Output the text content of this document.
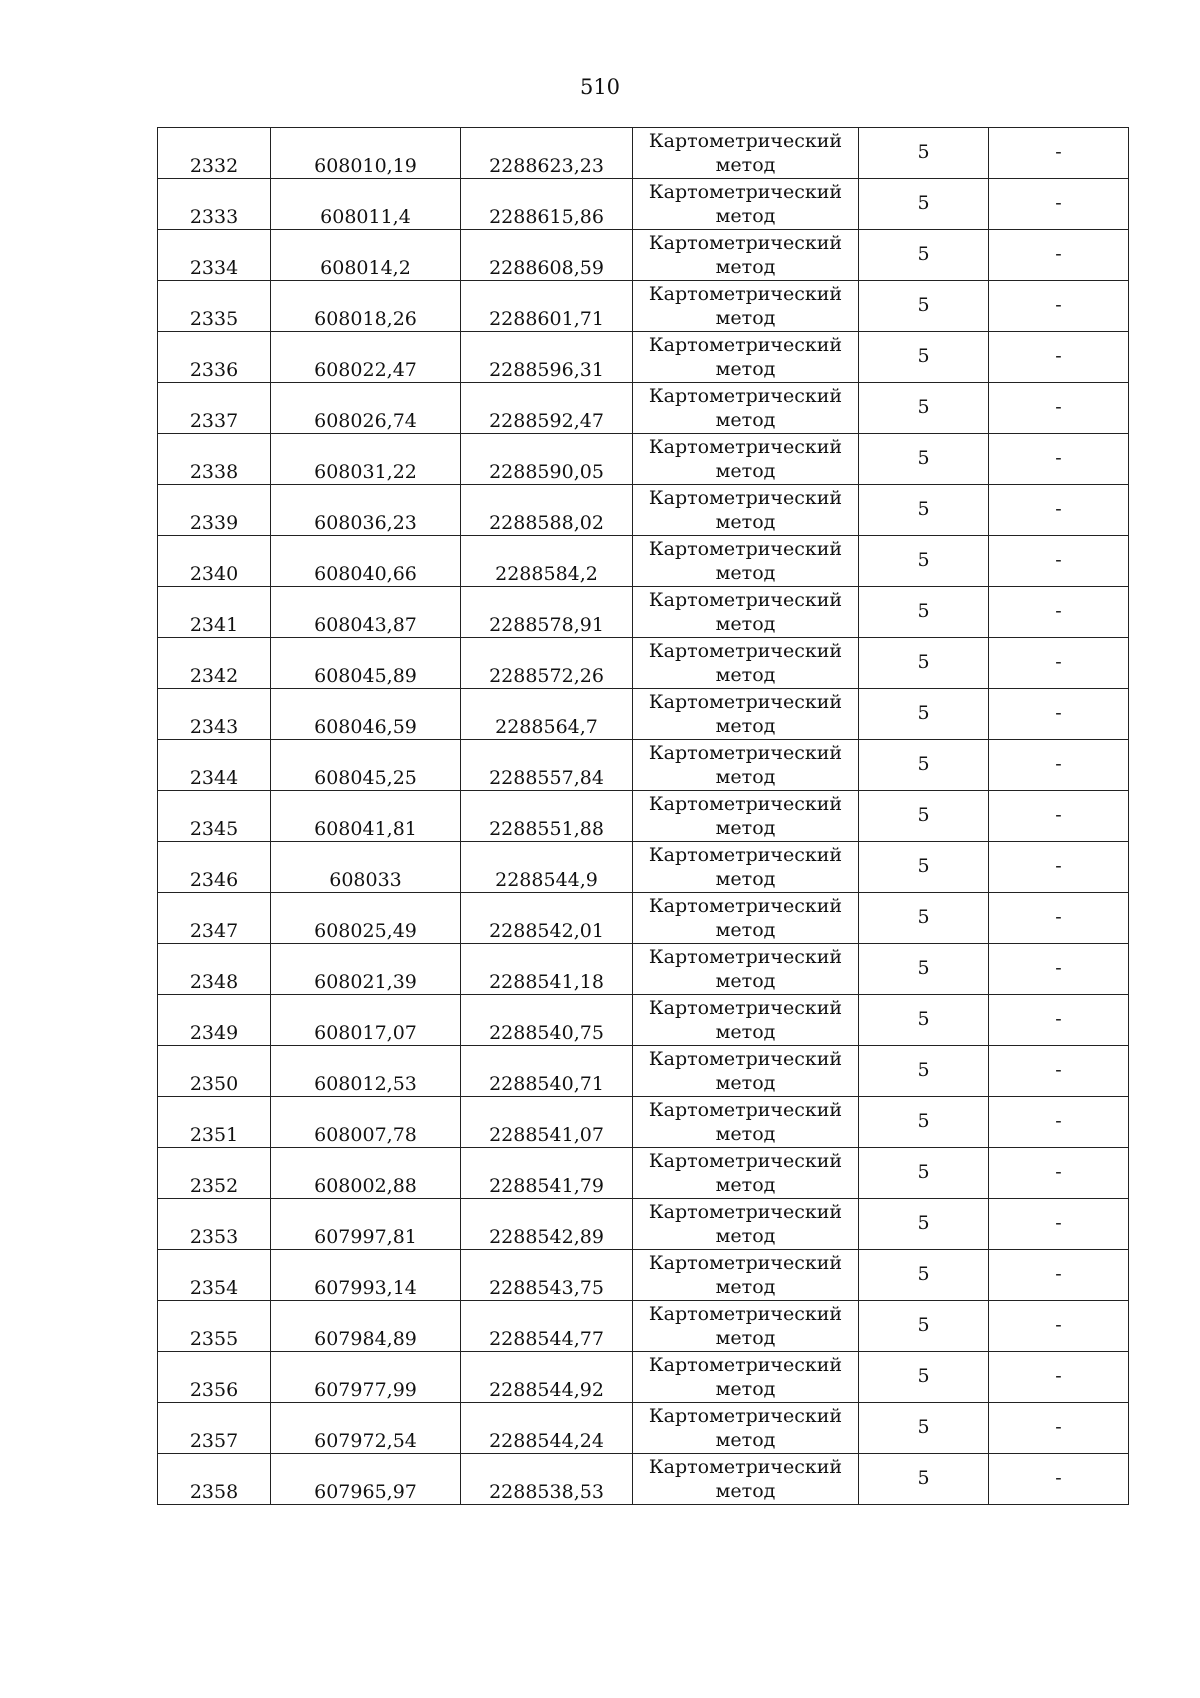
510
2332	608010,19	2288623,23	Картометрический
метод	5	-
2333	608011,4	2288615,86	Картометрический
метод	5	-
2334	608014,2	2288608,59	Картометрический
метод	5	-
2335	608018,26	2288601,71	Картометрический
метод	5	-
2336	608022,47	2288596,31	Картометрический
метод	5	-
2337	608026,74	2288592,47	Картометрический
метод	5	-
2338	608031,22	2288590,05	Картометрический
метод	5	-
2339	608036,23	2288588,02	Картометрический
метод	5	-
2340	608040,66	2288584,2	Картометрический
метод	5	-
2341	608043,87	2288578,91	Картометрический
метод	5	-
2342	608045,89	2288572,26	Картометрический
метод	5	-
2343	608046,59	2288564,7	Картометрический
метод	5	-
2344	608045,25	2288557,84	Картометрический
метод	5	-
2345	608041,81	2288551,88	Картометрический
метод	5	-
2346	608033	2288544,9	Картометрический
метод	5	-
2347	608025,49	2288542,01	Картометрический
метод	5	-
2348	608021,39	2288541,18	Картометрический
метод	5	-
2349	608017,07	2288540,75	Картометрический
метод	5	-
2350	608012,53	2288540,71	Картометрический
метод	5	-
2351	608007,78	2288541,07	Картометрический
метод	5	-
2352	608002,88	2288541,79	Картометрический
метод	5	-
2353	607997,81	2288542,89	Картометрический
метод	5	-
2354	607993,14	2288543,75	Картометрический
метод	5	-
2355	607984,89	2288544,77	Картометрический
метод	5	-
2356	607977,99	2288544,92	Картометрический
метод	5	-
2357	607972,54	2288544,24	Картометрический
метод	5	-
2358	607965,97	2288538,53	Картометрический
метод	5	-
